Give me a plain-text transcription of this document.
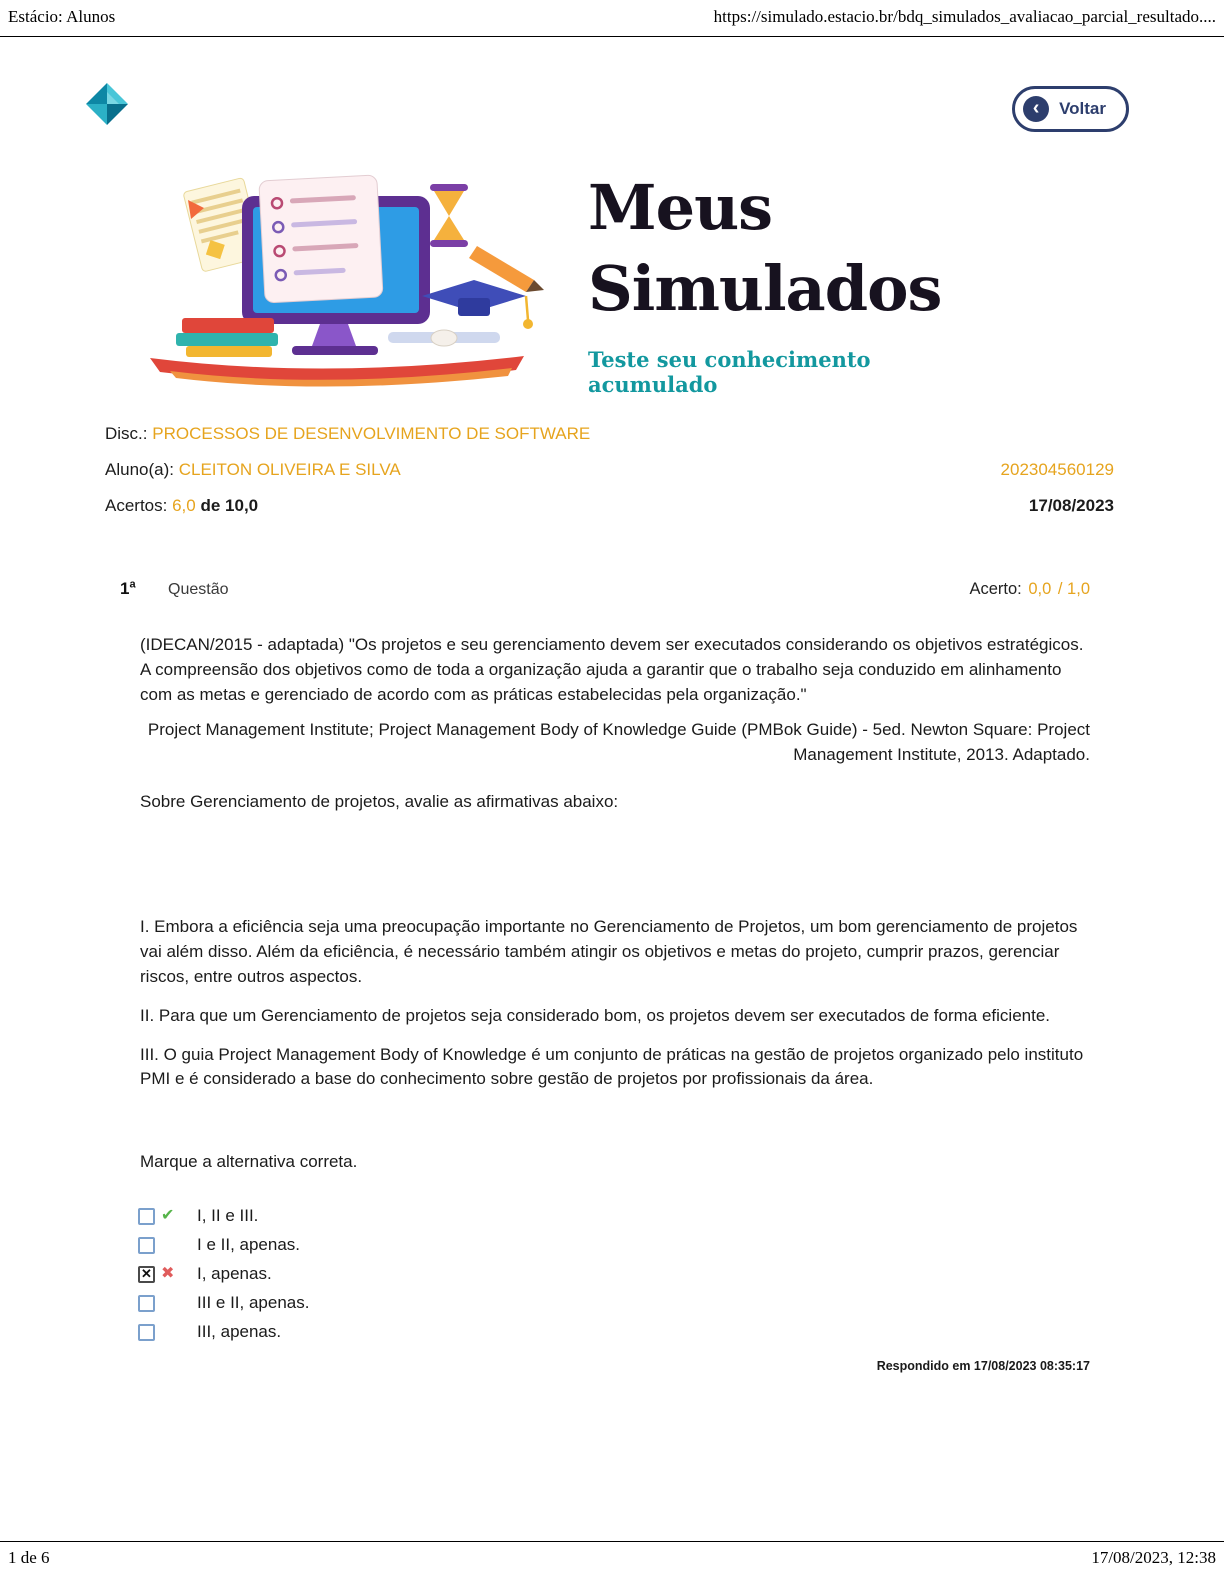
Estácio: Alunos	https://simulado.estacio.br/bdq_simulados_avaliacao_parcial_resultado....
‹	Voltar
Meus Simulados
Teste seu conhecimento acumulado
Disc.: PROCESSOS DE DESENVOLVIMENTO DE SOFTWARE
Aluno(a): CLEITON OLIVEIRA E SILVA	202304560129
Acertos: 6,0 de 10,0	17/08/2023
1$^a$ Questão	Acerto: 0,0 / 1,0
(IDECAN/2015 - adaptada) "Os projetos e seu gerenciamento devem ser executados considerando os objetivos estratégicos. A compreensão dos objetivos como de toda a organização ajuda a garantir que o trabalho seja conduzido em alinhamento com as metas e gerenciado de acordo com as práticas estabelecidas pela organização."
Project Management Institute; Project Management Body of Knowledge Guide (PMBok Guide) - 5ed. Newton Square: Project Management Institute, 2013. Adaptado.
Sobre Gerenciamento de projetos, avalie as afirmativas abaixo:
I. Embora a eficiência seja uma preocupação importante no Gerenciamento de Projetos, um bom gerenciamento de projetos vai além disso. Além da eficiência, é necessário também atingir os objetivos e metas do projeto, cumprir prazos, gerenciar riscos, entre outros aspectos.
II. Para que um Gerenciamento de projetos seja considerado bom, os projetos devem ser executados de forma eficiente.
III. O guia Project Management Body of Knowledge é um conjunto de práticas na gestão de projetos organizado pelo instituto PMI e é considerado a base do conhecimento sobre gestão de projetos por profissionais da área.
Marque a alternativa correta.
✔	I, II e III.
I e II, apenas.
✕ ✖	I, apenas.
III e II, apenas.
III, apenas.
Respondido em 17/08/2023 08:35:17
1 de 6	17/08/2023, 12:38
